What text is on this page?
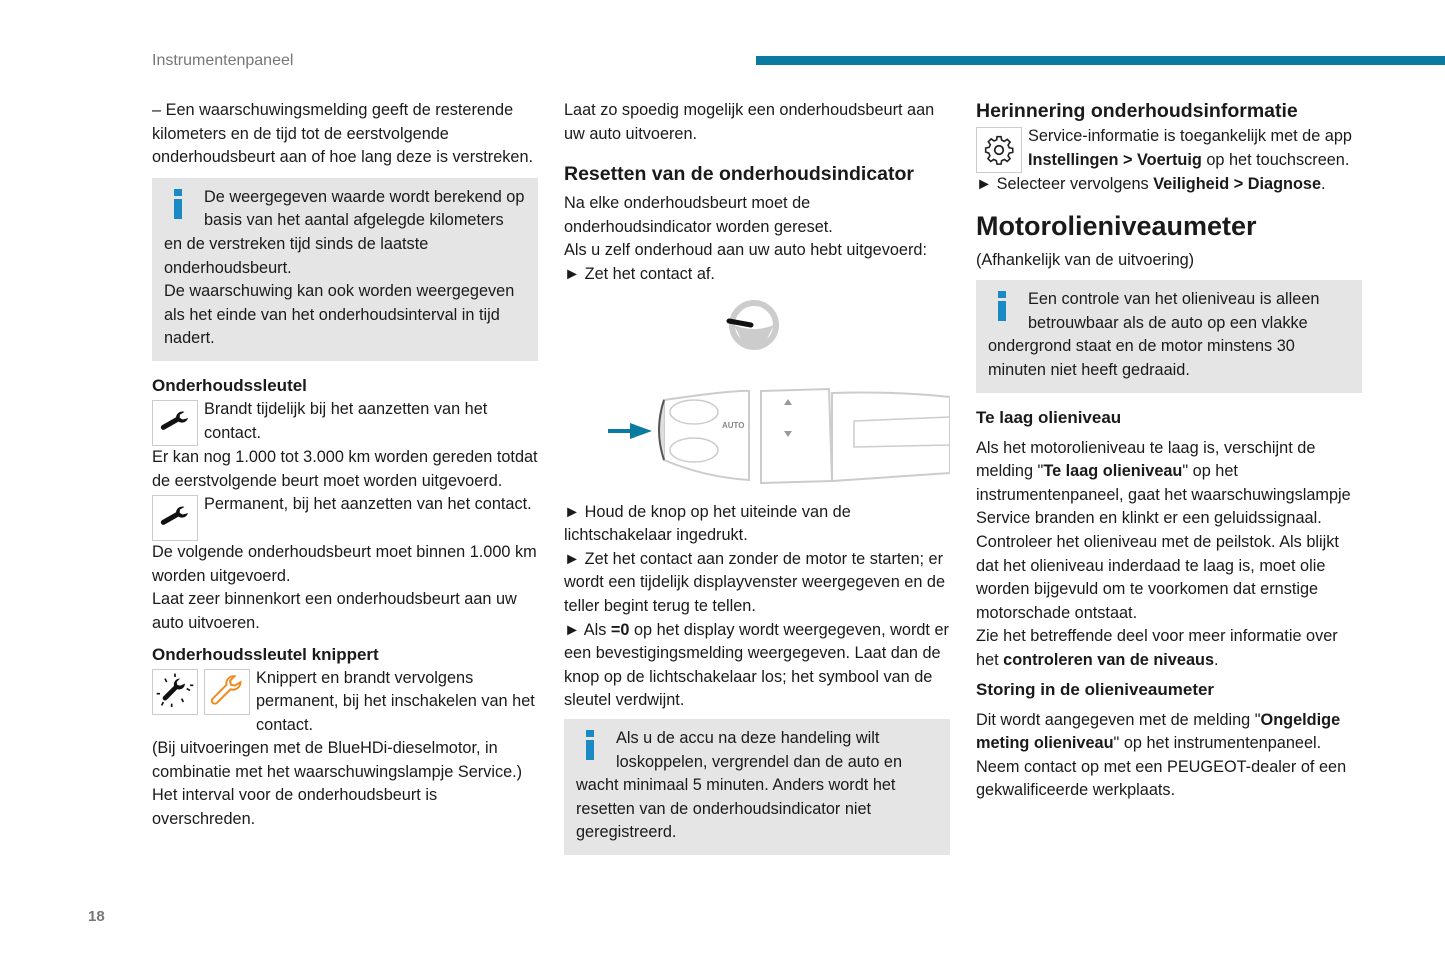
Instrumentenpaneel

– Een waarschuwingsmelding geeft de resterende kilometers en de tijd tot de eerstvolgende onderhoudsbeurt aan of hoe lang deze is verstreken.

De weergegeven waarde wordt berekend op basis van het aantal afgelegde kilometers en de verstreken tijd sinds de laatste onderhoudsbeurt.

De waarschuwing kan ook worden weergegeven als het einde van het onderhoudsinterval in tijd nadert.

Onderhoudssleutel

Brandt tijdelijk bij het aanzetten van het contact.

Er kan nog 1.000 tot 3.000 km worden gereden totdat de eerstvolgende beurt moet worden uitgevoerd.

Permanent, bij het aanzetten van het contact.

De volgende onderhoudsbeurt moet binnen 1.000 km worden uitgevoerd.

Laat zeer binnenkort een onderhoudsbeurt aan uw auto uitvoeren.

Onderhoudssleutel knippert

Knippert en brandt vervolgens permanent, bij het inschakelen van het contact.

(Bij uitvoeringen met de BlueHDi-dieselmotor, in combinatie met het waarschuwingslampje Service.)

Het interval voor de onderhoudsbeurt is overschreden.

Laat zo spoedig mogelijk een onderhoudsbeurt aan uw auto uitvoeren.

Resetten van de onderhoudsindicator

Na elke onderhoudsbeurt moet de onderhoudsindicator worden gereset.

Als u zelf onderhoud aan uw auto hebt uitgevoerd:

► Zet het contact af.

AUTO

► Houd de knop op het uiteinde van de lichtschakelaar ingedrukt.

► Zet het contact aan zonder de motor te starten; er wordt een tijdelijk displayvenster weergegeven en de teller begint terug te tellen.

► Als =0 op het display wordt weergegeven, wordt er een bevestigingsmelding weergegeven. Laat dan de knop op de lichtschakelaar los; het symbool van de sleutel verdwijnt.

Als u de accu na deze handeling wilt loskoppelen, vergrendel dan de auto en wacht minimaal 5 minuten. Anders wordt het resetten van de onderhoudsindicator niet geregistreerd.

Herinnering onderhoudsinformatie

Service-informatie is toegankelijk met de app Instellingen > Voertuig op het touchscreen.

► Selecteer vervolgens Veiligheid > Diagnose.

Motorolieniveaumeter

(Afhankelijk van de uitvoering)

Een controle van het olieniveau is alleen betrouwbaar als de auto op een vlakke ondergrond staat en de motor minstens 30 minuten niet heeft gedraaid.

Te laag olieniveau

Als het motorolieniveau te laag is, verschijnt de melding "Te laag olieniveau" op het instrumentenpaneel, gaat het waarschuwingslampje Service branden en klinkt er een geluidssignaal. Controleer het olieniveau met de peilstok. Als blijkt dat het olieniveau inderdaad te laag is, moet olie worden bijgevuld om te voorkomen dat ernstige motorschade ontstaat.

Zie het betreffende deel voor meer informatie over het controleren van de niveaus.

Storing in de olieniveaumeter

Dit wordt aangegeven met de melding "Ongeldige meting olieniveau" op het instrumentenpaneel. Neem contact op met een PEUGEOT-dealer of een gekwalificeerde werkplaats.

18
